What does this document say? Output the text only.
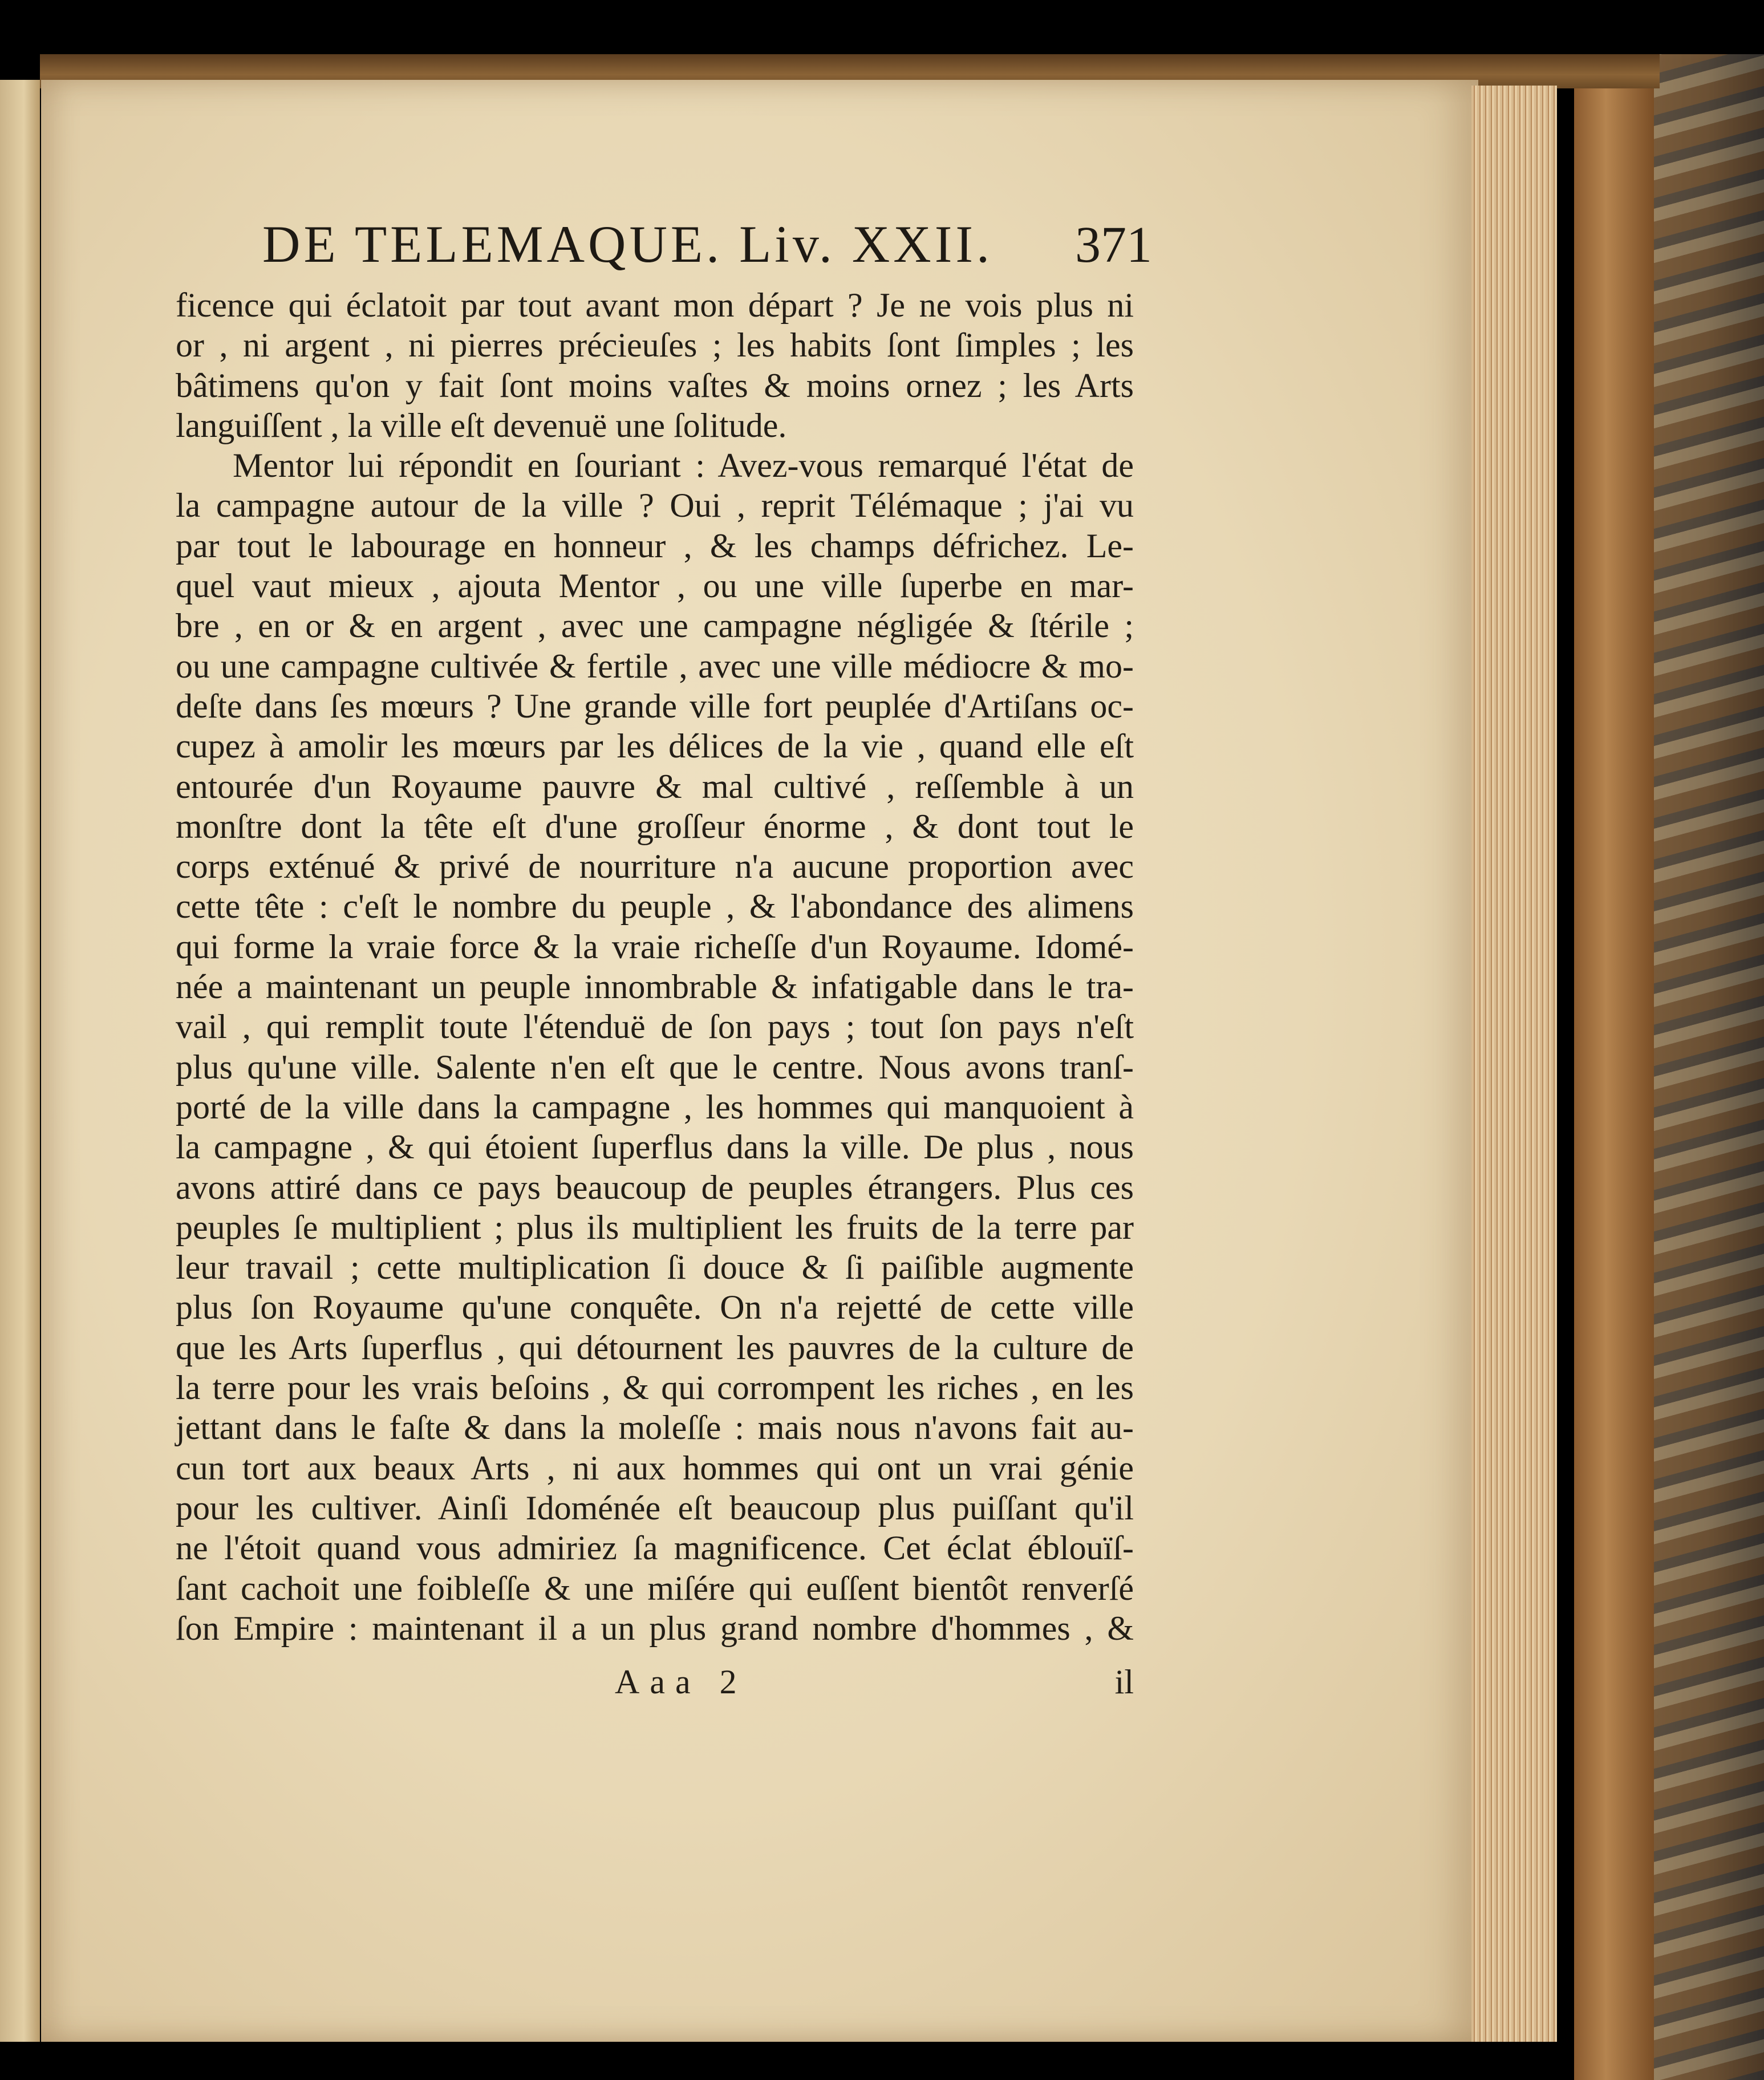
DE TELEMAQUE. Liv. XXII. 371
ficence qui éclatoit par tout avant mon départ ? Je ne vois plus ni
or , ni argent , ni pierres précieuſes ; les habits ſont ſimples ; les
bâtimens qu'on y fait ſont moins vaſtes & moins ornez ; les Arts
languiſſent , la ville eſt devenuë une ſolitude.
Mentor lui répondit en ſouriant : Avez-vous remarqué l'état de
la campagne autour de la ville ? Oui , reprit Télémaque ; j'ai vu
par tout le labourage en honneur , & les champs défrichez. Le-
quel vaut mieux , ajouta Mentor , ou une ville ſuperbe en mar-
bre , en or & en argent , avec une campagne négligée & ſtérile ;
ou une campagne cultivée & fertile , avec une ville médiocre & mo-
deſte dans ſes mœurs ? Une grande ville fort peuplée d'Artiſans oc-
cupez à amolir les mœurs par les délices de la vie , quand elle eſt
entourée d'un Royaume pauvre & mal cultivé , reſſemble à un
monſtre dont la tête eſt d'une groſſeur énorme , & dont tout le
corps exténué & privé de nourriture n'a aucune proportion avec
cette tête : c'eſt le nombre du peuple , & l'abondance des alimens
qui forme la vraie force & la vraie richeſſe d'un Royaume. Idomé-
née a maintenant un peuple innombrable & infatigable dans le tra-
vail , qui remplit toute l'étenduë de ſon pays ; tout ſon pays n'eſt
plus qu'une ville. Salente n'en eſt que le centre. Nous avons tranſ-
porté de la ville dans la campagne , les hommes qui manquoient à
la campagne , & qui étoient ſuperflus dans la ville. De plus , nous
avons attiré dans ce pays beaucoup de peuples étrangers. Plus ces
peuples ſe multiplient ; plus ils multiplient les fruits de la terre par
leur travail ; cette multiplication ſi douce & ſi paiſible augmente
plus ſon Royaume qu'une conquête. On n'a rejetté de cette ville
que les Arts ſuperflus , qui détournent les pauvres de la culture de
la terre pour les vrais beſoins , & qui corrompent les riches , en les
jettant dans le faſte & dans la moleſſe : mais nous n'avons fait au-
cun tort aux beaux Arts , ni aux hommes qui ont un vrai génie
pour les cultiver. Ainſi Idoménée eſt beaucoup plus puiſſant qu'il
ne l'étoit quand vous admiriez ſa magnificence. Cet éclat éblouïſ-
ſant cachoit une foibleſſe & une miſére qui euſſent bientôt renverſé
ſon Empire : maintenant il a un plus grand nombre d'hommes , &
Aaa 2	il
